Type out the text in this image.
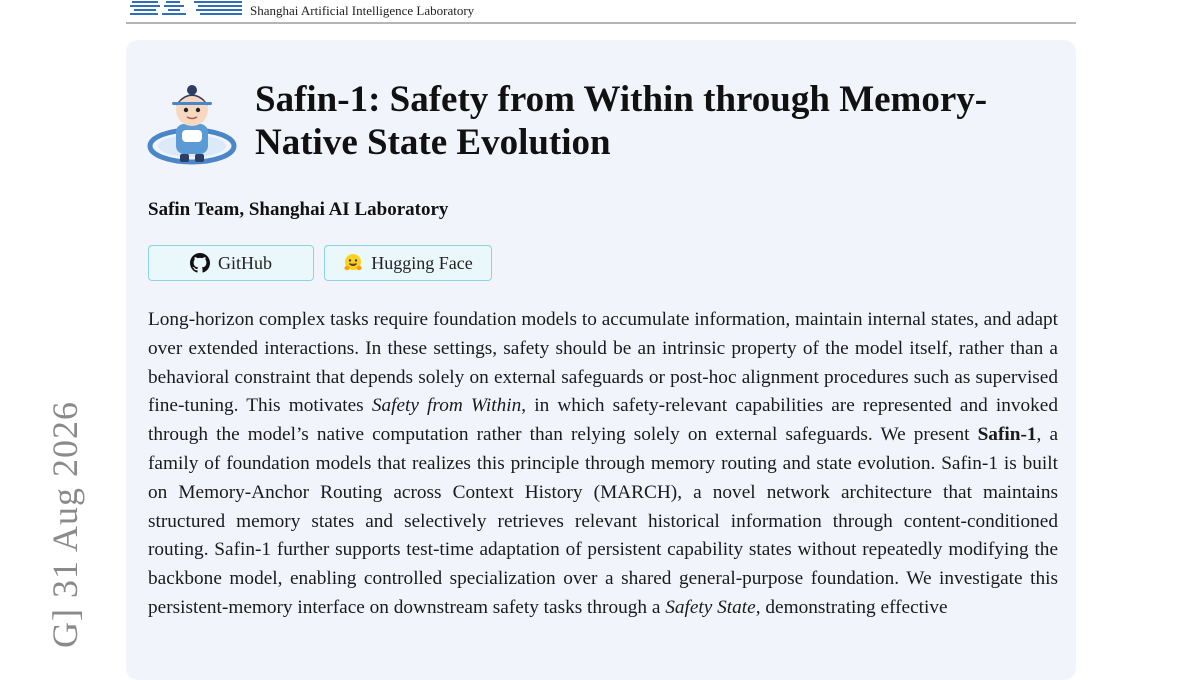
Shanghai Artificial Intelligence Laboratory
G] 31 Aug 2026
Safin-1: Safety from Within through Memory-Native State Evolution
Safin Team, Shanghai AI Laboratory
GitHub	Hugging Face

Long-horizon complex tasks require foundation models to accumulate information, maintain internal states, and adapt over extended interactions. In these settings, safety should be an intrinsic property of the model itself, rather than a behavioral constraint that depends solely on external safeguards or post-hoc alignment procedures such as supervised fine-tuning. This motivates Safety from Within, in which safety-relevant capabilities are represented and invoked through the model’s native computation rather than relying solely on external safeguards. We present Safin-1, a family of foundation models that realizes this principle through memory routing and state evolution. Safin-1 is built on Memory-Anchor Routing across Context History (MARCH), a novel network architecture that maintains structured memory states and selectively retrieves relevant historical information through content-conditioned routing. Safin-1 further supports test-time adaptation of persistent capability states without repeatedly modifying the backbone model, enabling controlled specialization over a shared general-purpose foundation. We investigate this persistent-memory interface on downstream safety tasks through a Safety State, demonstrating effective
